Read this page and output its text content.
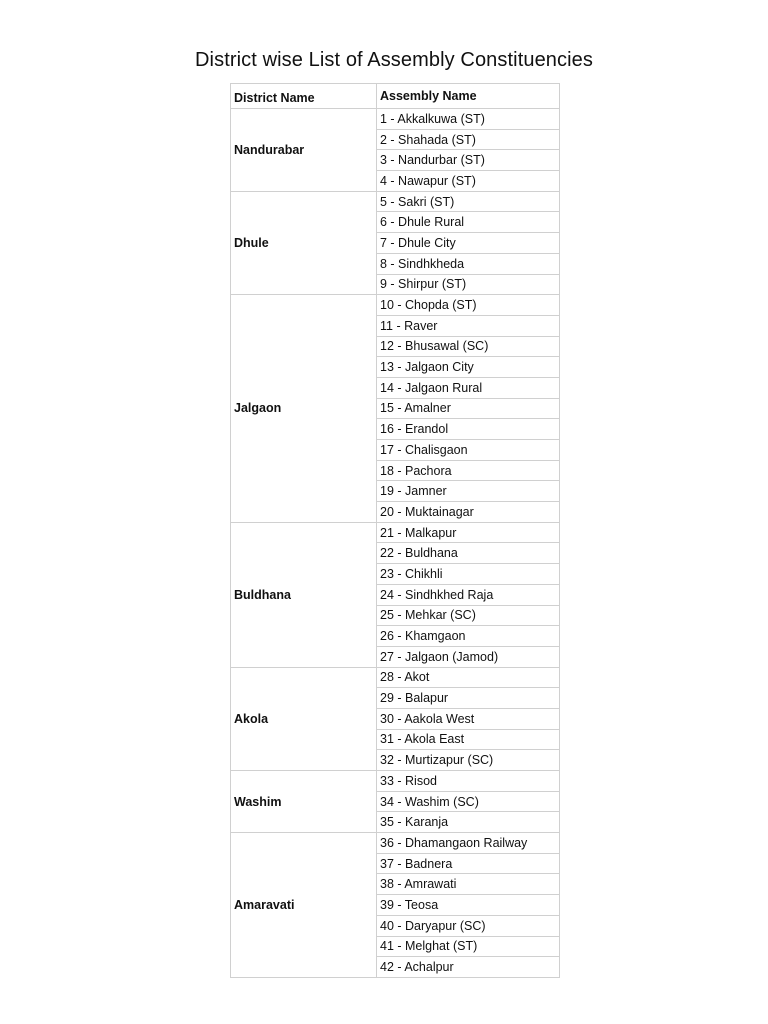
District wise List of Assembly Constituencies
District Name	Assembly Name
Nandurabar	1 - Akkalkuwa (ST)
	2 - Shahada (ST)
	3 - Nandurbar (ST)
	4 - Nawapur (ST)
Dhule	5 - Sakri (ST)
	6 - Dhule Rural
	7 - Dhule City
	8 - Sindhkheda
	9 - Shirpur (ST)
Jalgaon	10 - Chopda (ST)
	11 - Raver
	12 - Bhusawal (SC)
	13 - Jalgaon City
	14 - Jalgaon Rural
	15 - Amalner
	16 - Erandol
	17 - Chalisgaon
	18 - Pachora
	19 - Jamner
	20 - Muktainagar
Buldhana	21 - Malkapur
	22 - Buldhana
	23 - Chikhli
	24 - Sindhkhed Raja
	25 - Mehkar (SC)
	26 - Khamgaon
	27 - Jalgaon (Jamod)
Akola	28 - Akot
	29 - Balapur
	30 - Aakola West
	31 - Akola East
	32 - Murtizapur (SC)
Washim	33 - Risod
	34 - Washim (SC)
	35 - Karanja
Amaravati	36 - Dhamangaon Railway
	37 - Badnera
	38 - Amrawati
	39 - Teosa
	40 - Daryapur (SC)
	41 - Melghat (ST)
	42 - Achalpur
